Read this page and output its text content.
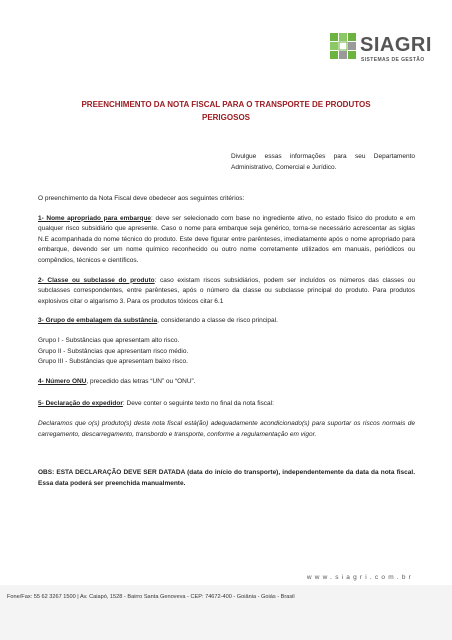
SIAGRI
SISTEMAS DE GESTÃO
PREENCHIMENTO DA NOTA FISCAL PARA O TRANSPORTE DE PRODUTOS PERIGOSOS
Divulgue essas informações para seu Departamento Administrativo, Comercial e Jurídico.

O preenchimento da Nota Fiscal deve obedecer aos seguintes critérios:

1- Nome apropriado para embarque: deve ser selecionado com base no ingrediente ativo, no estado físico do produto e em qualquer risco subsidiário que apresente. Caso o nome para embarque seja genérico, torna-se necessário acrescentar as siglas N.E acompanhada do nome técnico do produto. Este deve figurar entre parênteses, imediatamente após o nome apropriado para embarque, devendo ser um nome químico reconhecido ou outro nome corretamente utilizados em manuais, periódicos ou compêndios, técnicos e científicos.

2- Classe ou subclasse do produto: caso existam riscos subsidiários, podem ser incluídos os números das classes ou subclasses correspondentes, entre parênteses, após o número da classe ou subclasse principal do produto. Para produtos explosivos citar o algarismo 3. Para os produtos tóxicos citar 6.1

3- Grupo de embalagem da substância, considerando a classe de risco principal.

Grupo I - Substâncias que apresentam alto risco.

Grupo II - Substâncias que apresentam risco médio.

Grupo III - Substâncias que apresentam baixo risco.

4- Número ONU, precedido das letras “UN” ou “ONU”.

5- Declaração do expedidor: Deve conter o seguinte texto no final da nota fiscal:

Declaramos que o(s) produto(s) desta nota fiscal está(ão) adequadamente acondicionado(s) para suportar os riscos normais de carregamento, descarregamento, transbordo e transporte, conforme a regulamentação em vigor.

OBS: ESTA DECLARAÇÃO DEVE SER DATADA (data do início do transporte), independentemente da data da nota fiscal. Essa data poderá ser preenchida manualmente.

www.siagri.com.br
Fone/Fax: 55 62 3267 1500 | Av. Caiapó, 1528 - Bairro Santa Genoveva - CEP: 74672-400 - Goiânia - Goiás - Brasil
